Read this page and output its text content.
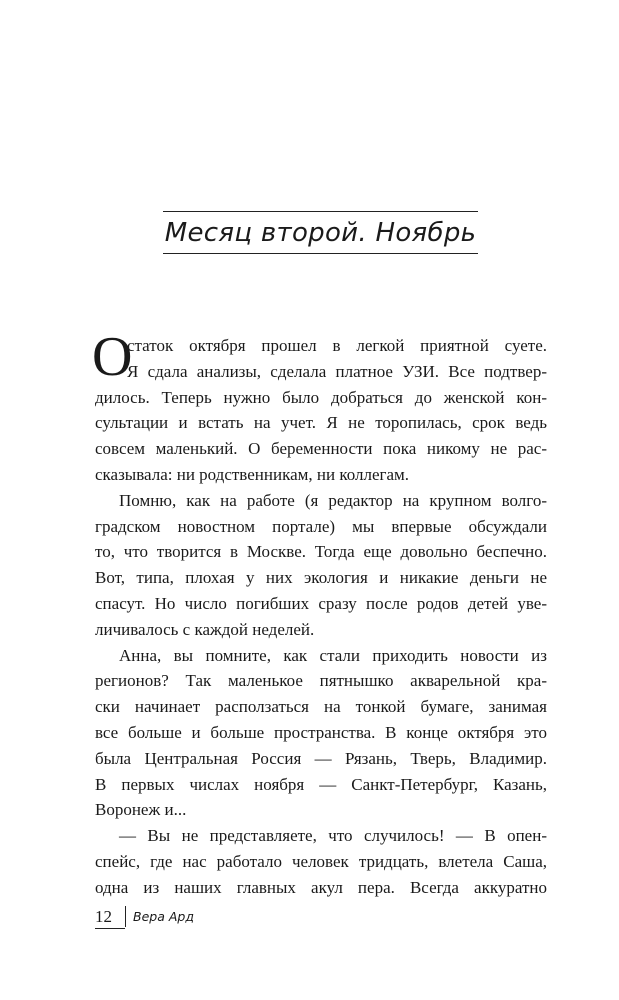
Месяц второй. Ноябрь
О
статок октября прошел в легкой приятной суете.
Я сдала анализы, сделала платное УЗИ. Все подтвер-
дилось. Теперь нужно было добраться до женской кон-
сультации и встать на учет. Я не торопилась, срок ведь
совсем маленький. О беременности пока никому не рас-
сказывала: ни родственникам, ни коллегам.
Помню, как на работе (я редактор на крупном волго-
градском новостном портале) мы впервые обсуждали
то, что творится в Москве. Тогда еще довольно беспечно.
Вот, типа, плохая у них экология и никакие деньги не
спасут. Но число погибших сразу после родов детей уве-
личивалось с каждой неделей.
Анна, вы помните, как стали приходить новости из
регионов? Так маленькое пятнышко акварельной кра-
ски начинает расползаться на тонкой бумаге, занимая
все больше и больше пространства. В конце октября это
была Центральная Россия — Рязань, Тверь, Владимир.
В первых числах ноября — Санкт-Петербург, Казань,
Воронеж и...
— Вы не представляете, что случилось! — В опен-
спейс, где нас работало человек тридцать, влетела Саша,
одна из наших главных акул пера. Всегда аккуратно
12	Вера Ард
